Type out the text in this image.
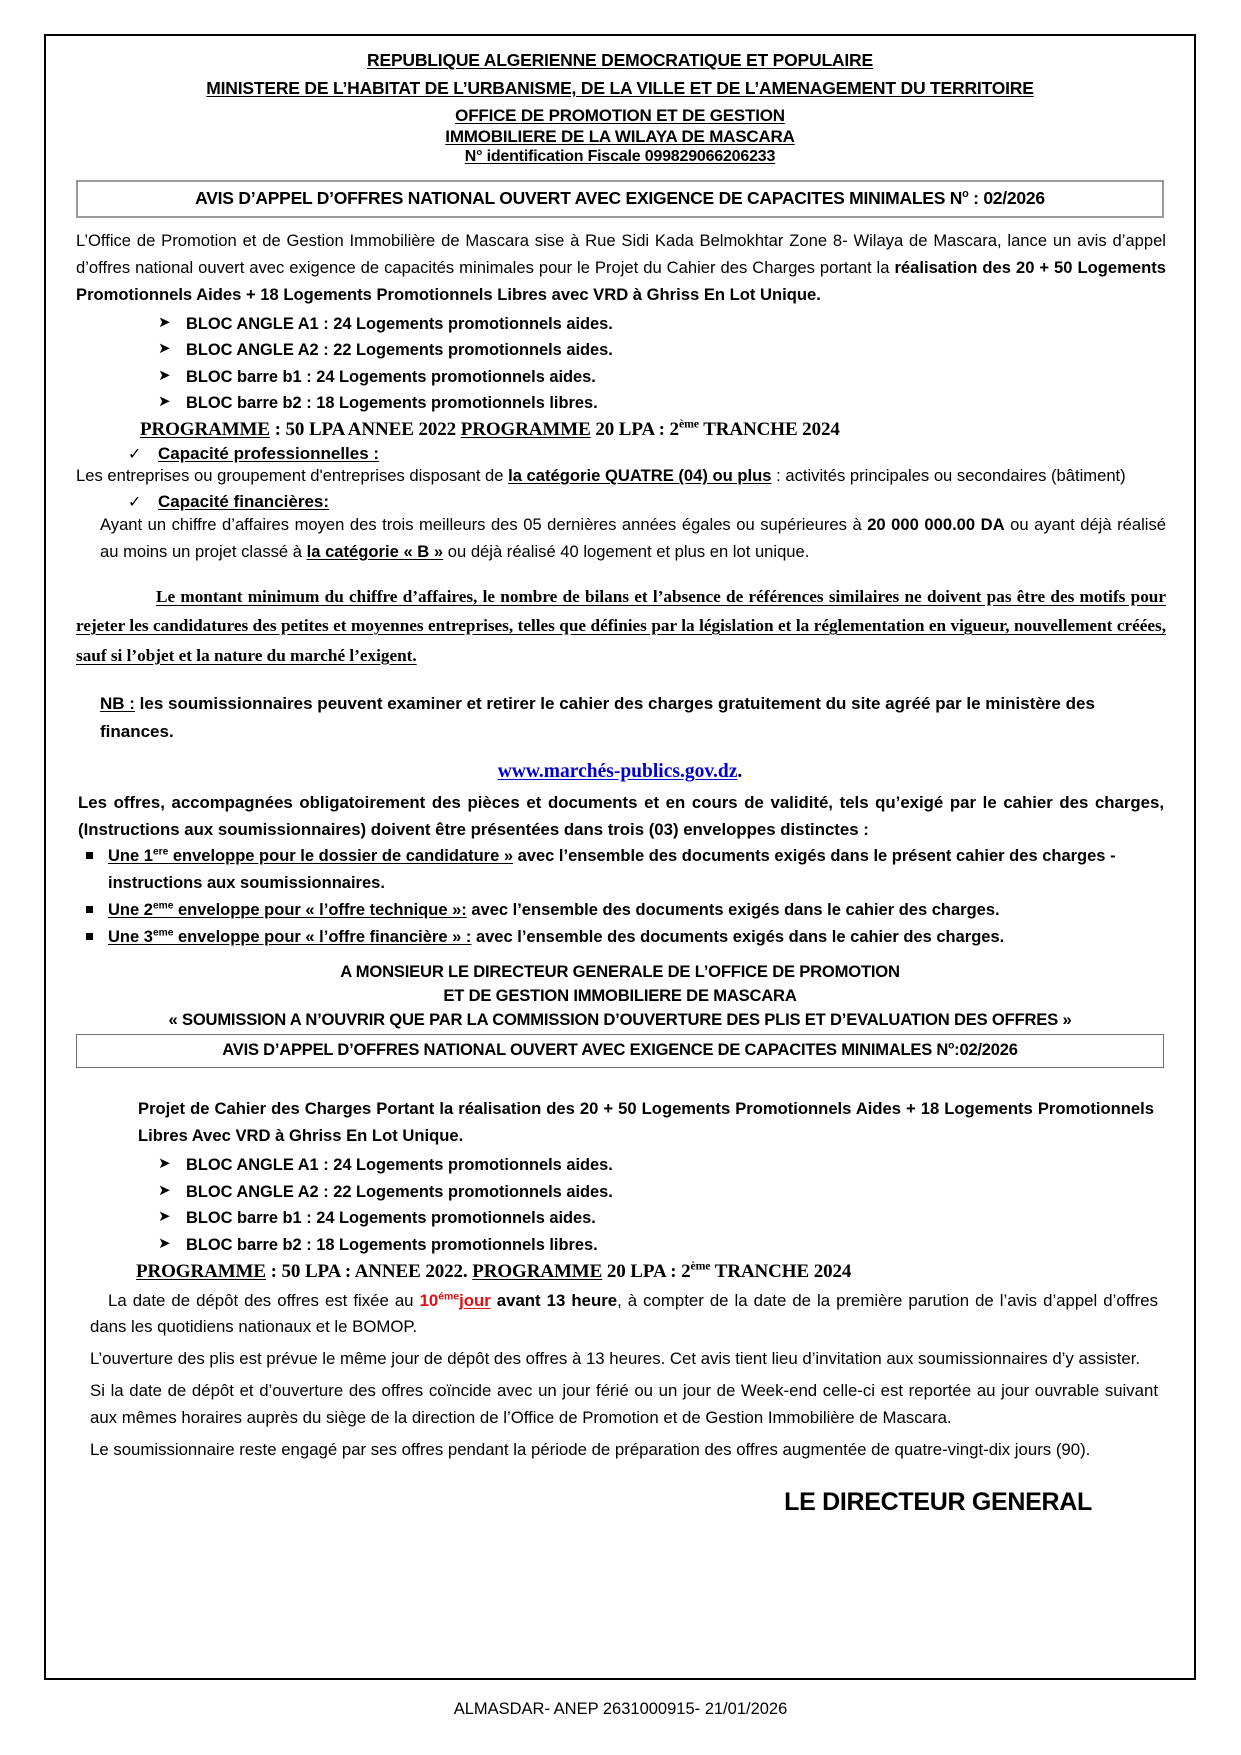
REPUBLIQUE ALGERIENNE DEMOCRATIQUE ET POPULAIRE
MINISTERE DE L’HABITAT DE L’URBANISME, DE LA VILLE ET DE L’AMENAGEMENT DU TERRITOIRE
OFFICE DE PROMOTION ET DE GESTION
IMMOBILIERE DE LA WILAYA DE MASCARA
N° identification Fiscale 099829066206233
AVIS D’APPEL D’OFFRES NATIONAL OUVERT AVEC EXIGENCE DE CAPACITES MINIMALES $N^o$ : 02/2026
L’Office de Promotion et de Gestion Immobilière de Mascara sise à Rue Sidi Kada Belmokhtar Zone 8- Wilaya de Mascara, lance un avis d’appel d’offres national ouvert avec exigence de capacités minimales pour le Projet du Cahier des Charges portant la réalisation des 20 + 50 Logements Promotionnels Aides + 18 Logements Promotionnels Libres avec VRD à Ghriss En Lot Unique.
➤ BLOC ANGLE A1 : 24 Logements promotionnels aides.
➤ BLOC ANGLE A2 : 22 Logements promotionnels aides.
➤ BLOC barre b1 : 24 Logements promotionnels aides.
➤ BLOC barre b2 : 18 Logements promotionnels libres.
PROGRAMME : 50 LPA ANNEE 2022 PROGRAMME 20 LPA : 2ème TRANCHE 2024
✓ Capacité professionnelles :
Les entreprises ou groupement d'entreprises disposant de la catégorie QUATRE (04) ou plus : activités principales ou secondaires (bâtiment)
✓ Capacité financières:
Ayant un chiffre d’affaires moyen des trois meilleurs des 05 dernières années égales ou supérieures à 20 000 000.00 DA ou ayant déjà réalisé au moins un projet classé à la catégorie « B » ou déjà réalisé 40 logement et plus en lot unique.
Le montant minimum du chiffre d’affaires, le nombre de bilans et l’absence de références similaires ne doivent pas être des motifs pour rejeter les candidatures des petites et moyennes entreprises, telles que définies par la législation et la réglementation en vigueur, nouvellement créées, sauf si l’objet et la nature du marché l’exigent.
NB : les soumissionnaires peuvent examiner et retirer le cahier des charges gratuitement du site agréé par le ministère des finances.
www.marchés-publics.gov.dz.
Les offres, accompagnées obligatoirement des pièces et documents et en cours de validité, tels qu’exigé par le cahier des charges, (Instructions aux soumissionnaires) doivent être présentées dans trois (03) enveloppes distinctes :
Une 1ere enveloppe pour le dossier de candidature » avec l’ensemble des documents exigés dans le présent cahier des charges - instructions aux soumissionnaires.
Une 2eme enveloppe pour « l’offre technique »: avec l’ensemble des documents exigés dans le cahier des charges.
Une 3eme enveloppe pour « l’offre financière » : avec l’ensemble des documents exigés dans le cahier des charges.
A MONSIEUR LE DIRECTEUR GENERALE DE L’OFFICE DE PROMOTION
ET DE GESTION IMMOBILIERE DE MASCARA
« SOUMISSION A N’OUVRIR QUE PAR LA COMMISSION D’OUVERTURE DES PLIS ET D’EVALUATION DES OFFRES »
AVIS D’APPEL D’OFFRES NATIONAL OUVERT AVEC EXIGENCE DE CAPACITES MINIMALES $N^o:02/2026$
Projet de Cahier des Charges Portant la réalisation des 20 + 50 Logements Promotionnels Aides + 18 Logements Promotionnels Libres Avec VRD à Ghriss En Lot Unique.
➤ BLOC ANGLE A1 : 24 Logements promotionnels aides.
➤ BLOC ANGLE A2 : 22 Logements promotionnels aides.
➤ BLOC barre b1 : 24 Logements promotionnels aides.
➤ BLOC barre b2 : 18 Logements promotionnels libres.
PROGRAMME : 50 LPA : ANNEE 2022. PROGRAMME 20 LPA : 2ème TRANCHE 2024
La date de dépôt des offres est fixée au $10^{éme}jour$ avant 13 heure, à compter de la date de la première parution de l’avis d’appel d’offres dans les quotidiens nationaux et le BOMOP.
L’ouverture des plis est prévue le même jour de dépôt des offres à 13 heures. Cet avis tient lieu d’invitation aux soumissionnaires d’y assister.
Si la date de dépôt et d’ouverture des offres coïncide avec un jour férié ou un jour de Week-end celle-ci est reportée au jour ouvrable suivant aux mêmes horaires auprès du siège de la direction de l’Office de Promotion et de Gestion Immobilière de Mascara.
Le soumissionnaire reste engagé par ses offres pendant la période de préparation des offres augmentée de quatre-vingt-dix jours (90).
LE DIRECTEUR GENERAL
ALMASDAR- ANEP 2631000915- 21/01/2026
